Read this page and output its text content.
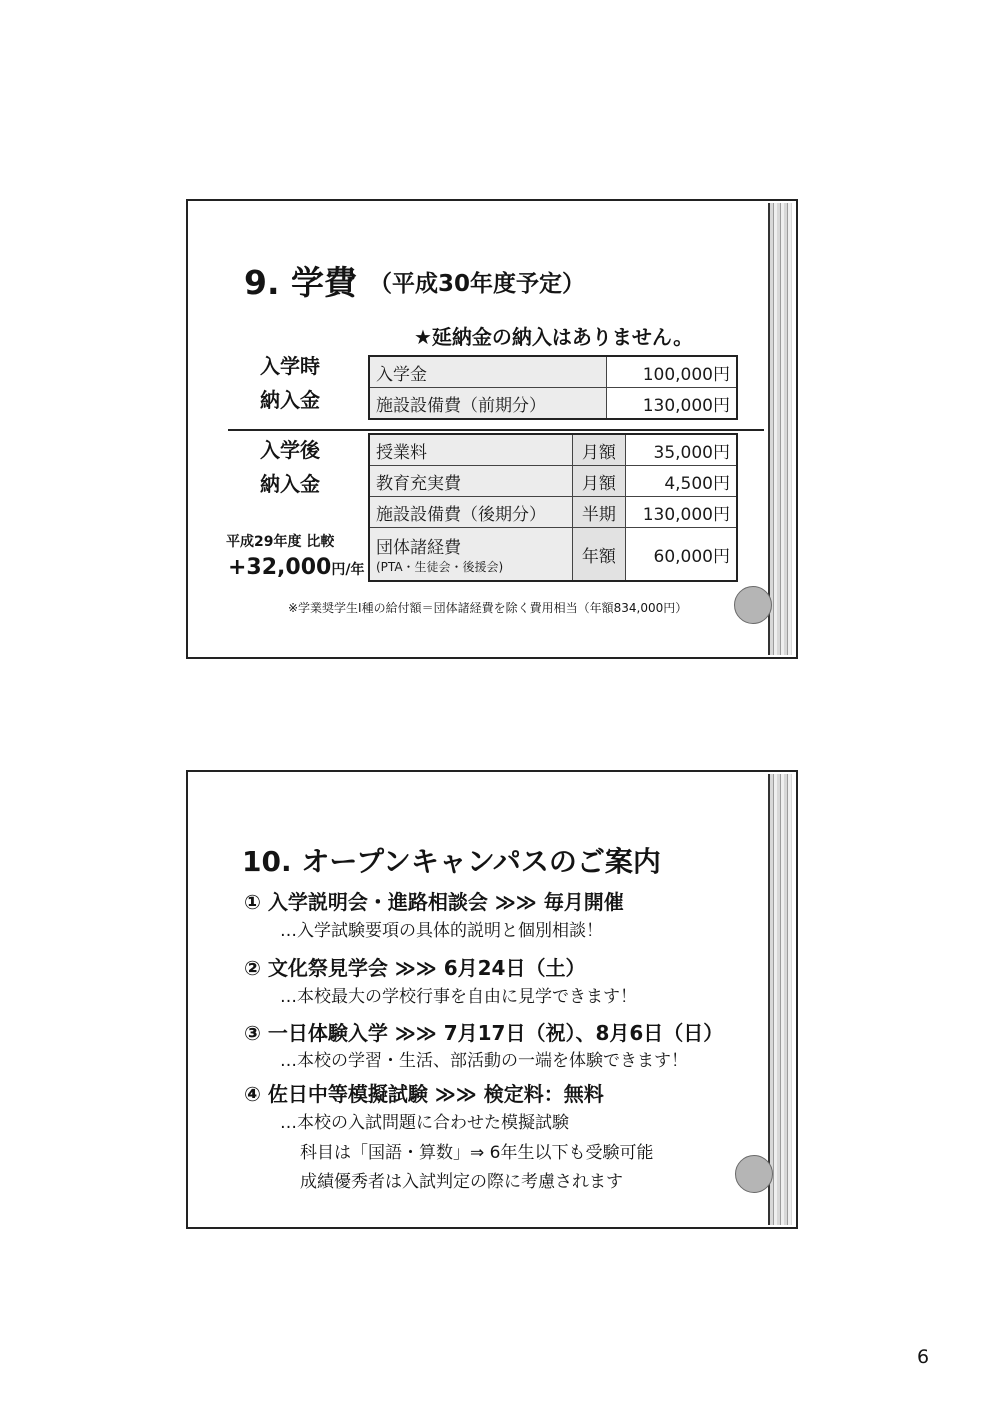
9. 学費 （平成30年度予定）
★延納金の納入はありません。
入学時
納入金
入学金	100,000円
施設設備費（前期分）	130,000円
入学後
納入金
授業料	月額	35,000円
教育充実費	月額	4,500円
施設設備費（後期分）	半期	130,000円
団体諸経費
(PTA・生徒会・後援会)	年額	60,000円
平成29年度 比較
+32,000円/年
※学業奨学生Ⅰ種の給付額＝団体諸経費を除く費用相当（年額834,000円）
10. オープンキャンパスのご案内
① 入学説明会・進路相談会 ≫≫ 毎月開催
…入学試験要項の具体的説明と個別相談！
② 文化祭見学会 ≫≫ 6月24日（土）
…本校最大の学校行事を自由に見学できます！
③ 一日体験入学 ≫≫ 7月17日（祝）、8月6日（日）
…本校の学習・生活、部活動の一端を体験できます！
④ 佐日中等模擬試験 ≫≫ 検定料：無料
…本校の入試問題に合わせた模擬試験
科目は「国語・算数」⇒ 6年生以下も受験可能
成績優秀者は入試判定の際に考慮されます
6
